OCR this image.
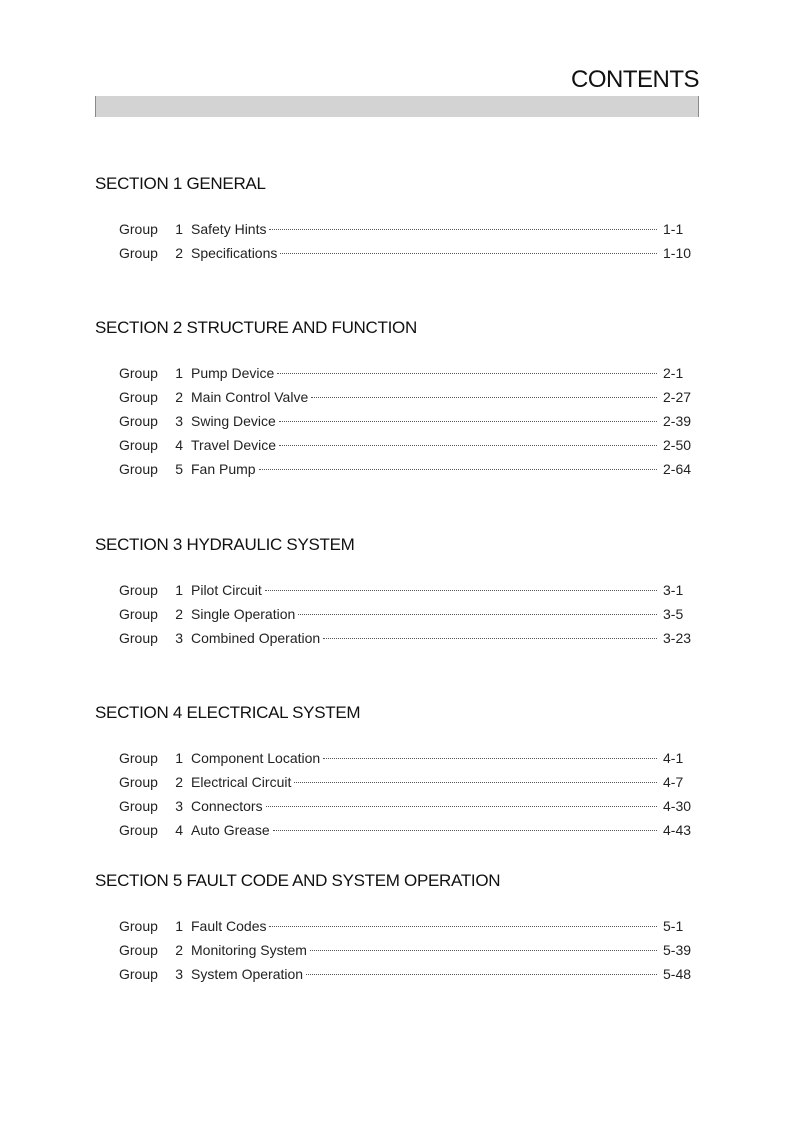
CONTENTS
SECTION 1 GENERAL
Group	1 Safety Hints	1-1
Group	2 Specifications	1-10
SECTION 2 STRUCTURE AND FUNCTION
Group	1 Pump Device	2-1
Group	2 Main Control Valve	2-27
Group	3 Swing Device	2-39
Group	4 Travel Device	2-50
Group	5 Fan Pump	2-64
SECTION 3 HYDRAULIC SYSTEM
Group	1 Pilot Circuit	3-1
Group	2 Single Operation	3-5
Group	3 Combined Operation	3-23
SECTION 4 ELECTRICAL SYSTEM
Group	1 Component Location	4-1
Group	2 Electrical Circuit	4-7
Group	3 Connectors	4-30
Group	4 Auto Grease	4-43
SECTION 5 FAULT CODE AND SYSTEM OPERATION
Group	1 Fault Codes	5-1
Group	2 Monitoring System	5-39
Group	3 System Operation	5-48
